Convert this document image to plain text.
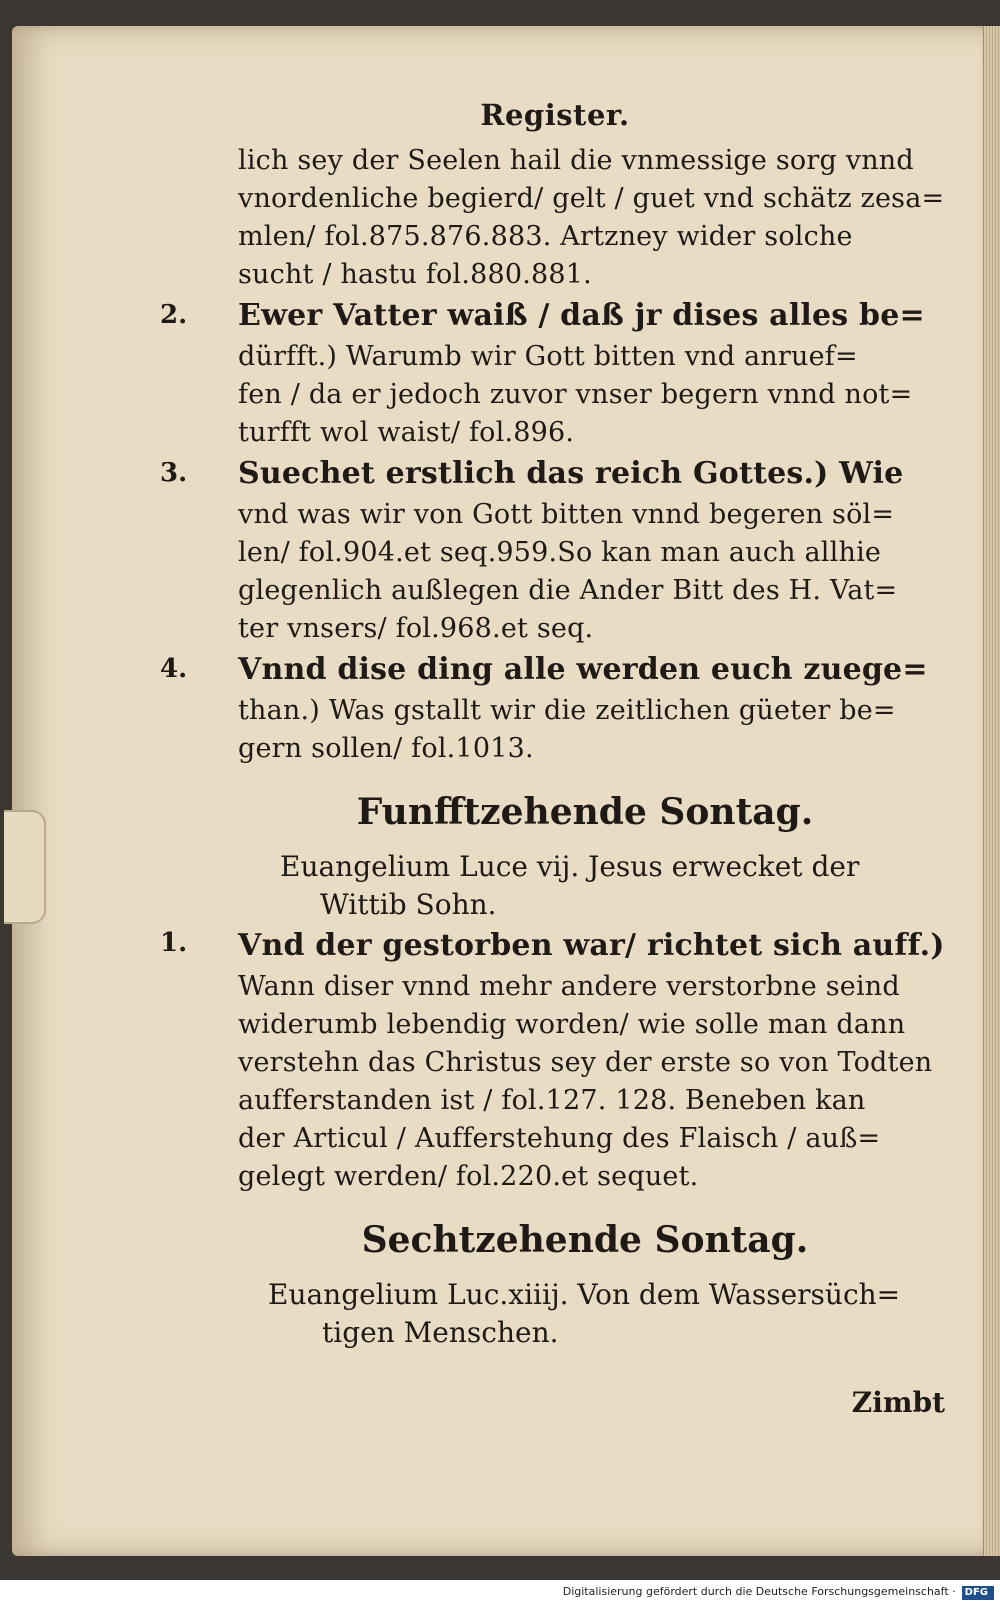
Register.
lich sey der Seelen hail die vnmessige sorg vnnd
vnordenliche begierd/ gelt / guet vnd schätz zesa=
mlen/ fol.875.876.883. Artzney wider solche
sucht / hastu fol.880.881.
2. Ewer Vatter waiß / daß jr dises alles be=
dürfft.) Warumb wir Gott bitten vnd anruef=
fen / da er jedoch zuvor vnser begern vnnd not=
turfft wol waist/ fol.896.
3. Suechet erstlich das reich Gottes.) Wie
vnd was wir von Gott bitten vnnd begeren söl=
len/ fol.904.et seq.959.So kan man auch allhie
glegenlich außlegen die Ander Bitt des H. Vat=
ter vnsers/ fol.968.et seq.
4. Vnnd dise ding alle werden euch zuege=
than.) Was gstallt wir die zeitlichen güeter be=
gern sollen/ fol.1013.
Funfftzehende Sontag.
Euangelium Luce vij. Jesus erwecket der
Wittib Sohn.
1. Vnd der gestorben war/ richtet sich auff.)
Wann diser vnnd mehr andere verstorbne seind
widerumb lebendig worden/ wie solle man dann
verstehn das Christus sey der erste so von Todten
aufferstanden ist / fol.127. 128. Beneben kan
der Articul / Aufferstehung des Flaisch / auß=
gelegt werden/ fol.220.et sequet.
Sechtzehende Sontag.
Euangelium Luc.xiiij. Von dem Wassersüch=
tigen Menschen.
Zimbt
Digitalisierung gefördert durch die Deutsche Forschungsgemeinschaft · DFG
